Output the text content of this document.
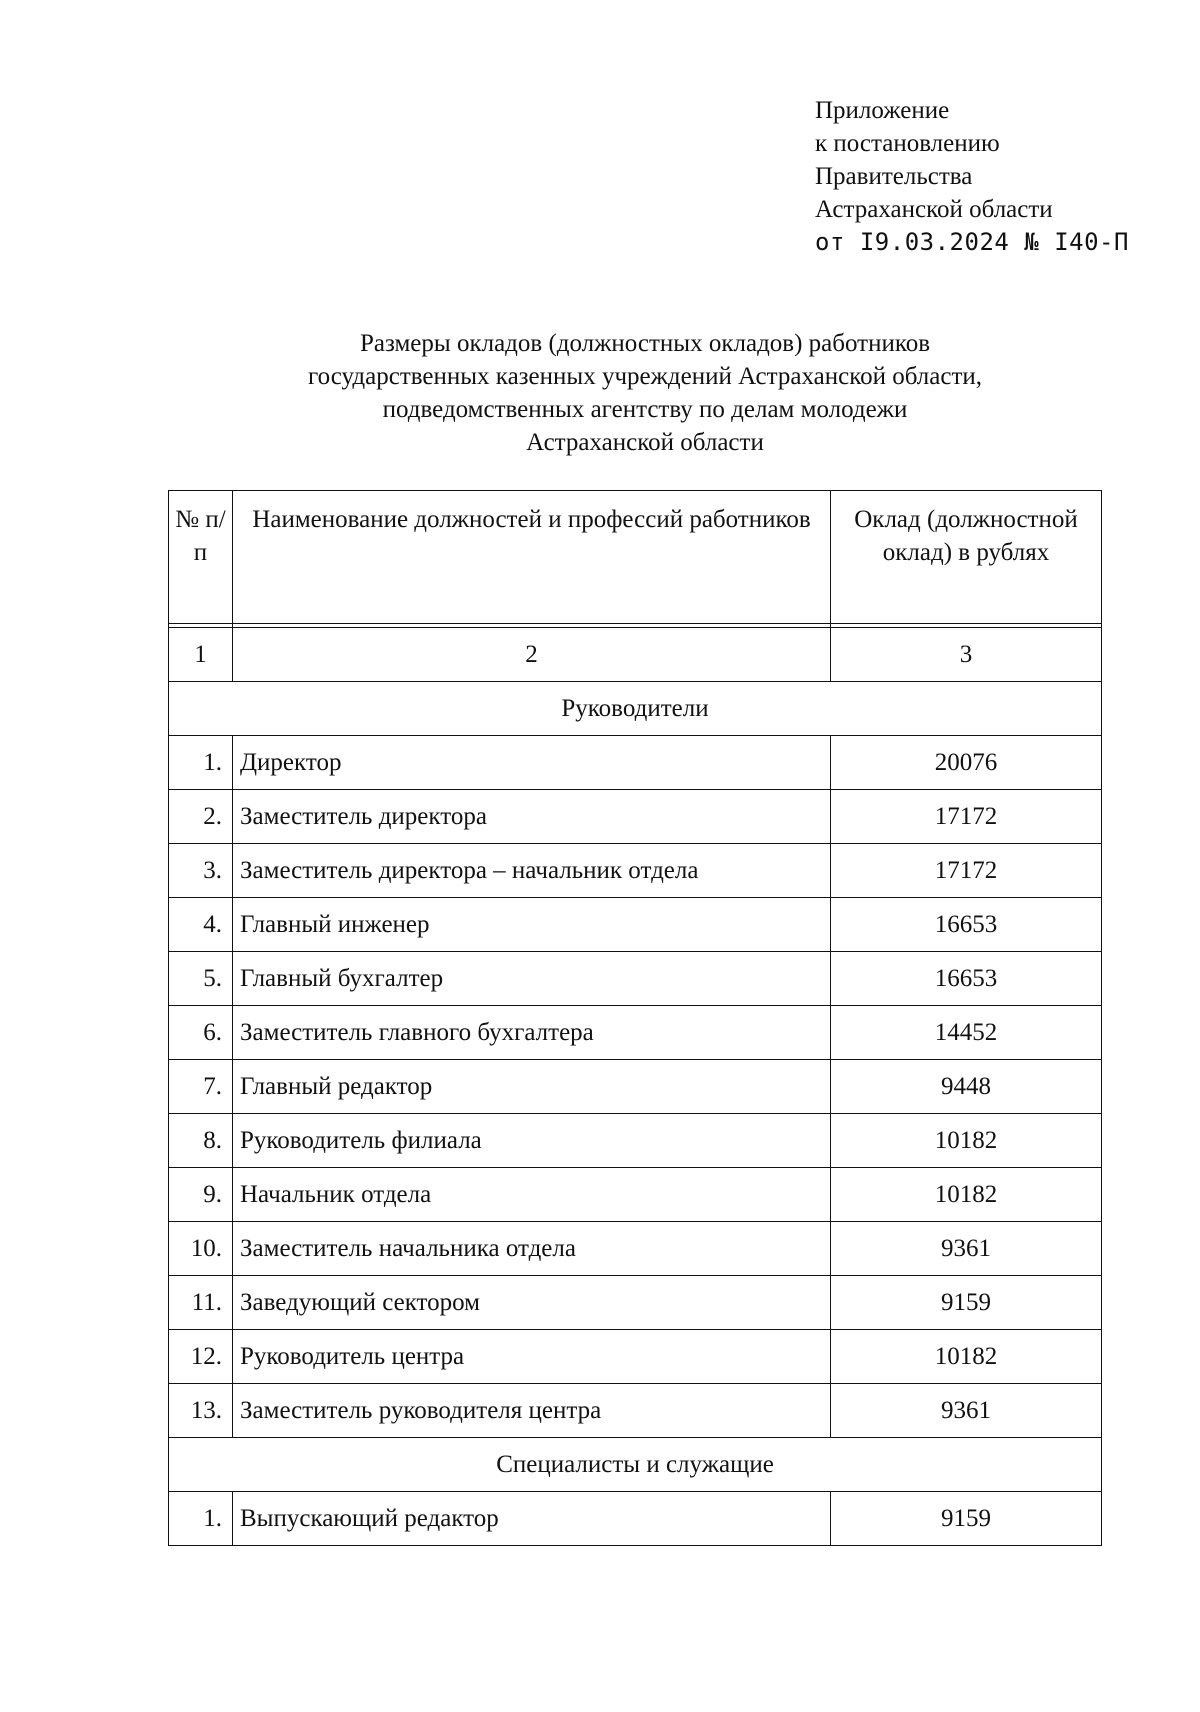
Приложение
к постановлению
Правительства
Астраханской области
от I9.03.2024 № I40-П
Размеры окладов (должностных окладов) работников
государственных казенных учреждений Астраханской области,
подведомственных агентству по делам молодежи
Астраханской области
№ п/п	Наименование должностей и профессий работников	Оклад (должностной оклад) в рублях

1	2	3
Руководители		
1.	Директор	20076
2.	Заместитель директора	17172
3.	Заместитель директора – начальник отдела	17172
4.	Главный инженер	16653
5.	Главный бухгалтер	16653
6.	Заместитель главного бухгалтера	14452
7.	Главный редактор	9448
8.	Руководитель филиала	10182
9.	Начальник отдела	10182
10.	Заместитель начальника отдела	9361
11.	Заведующий сектором	9159
12.	Руководитель центра	10182
13.	Заместитель руководителя центра	9361
Специалисты и служащие		
1.	Выпускающий редактор	9159
